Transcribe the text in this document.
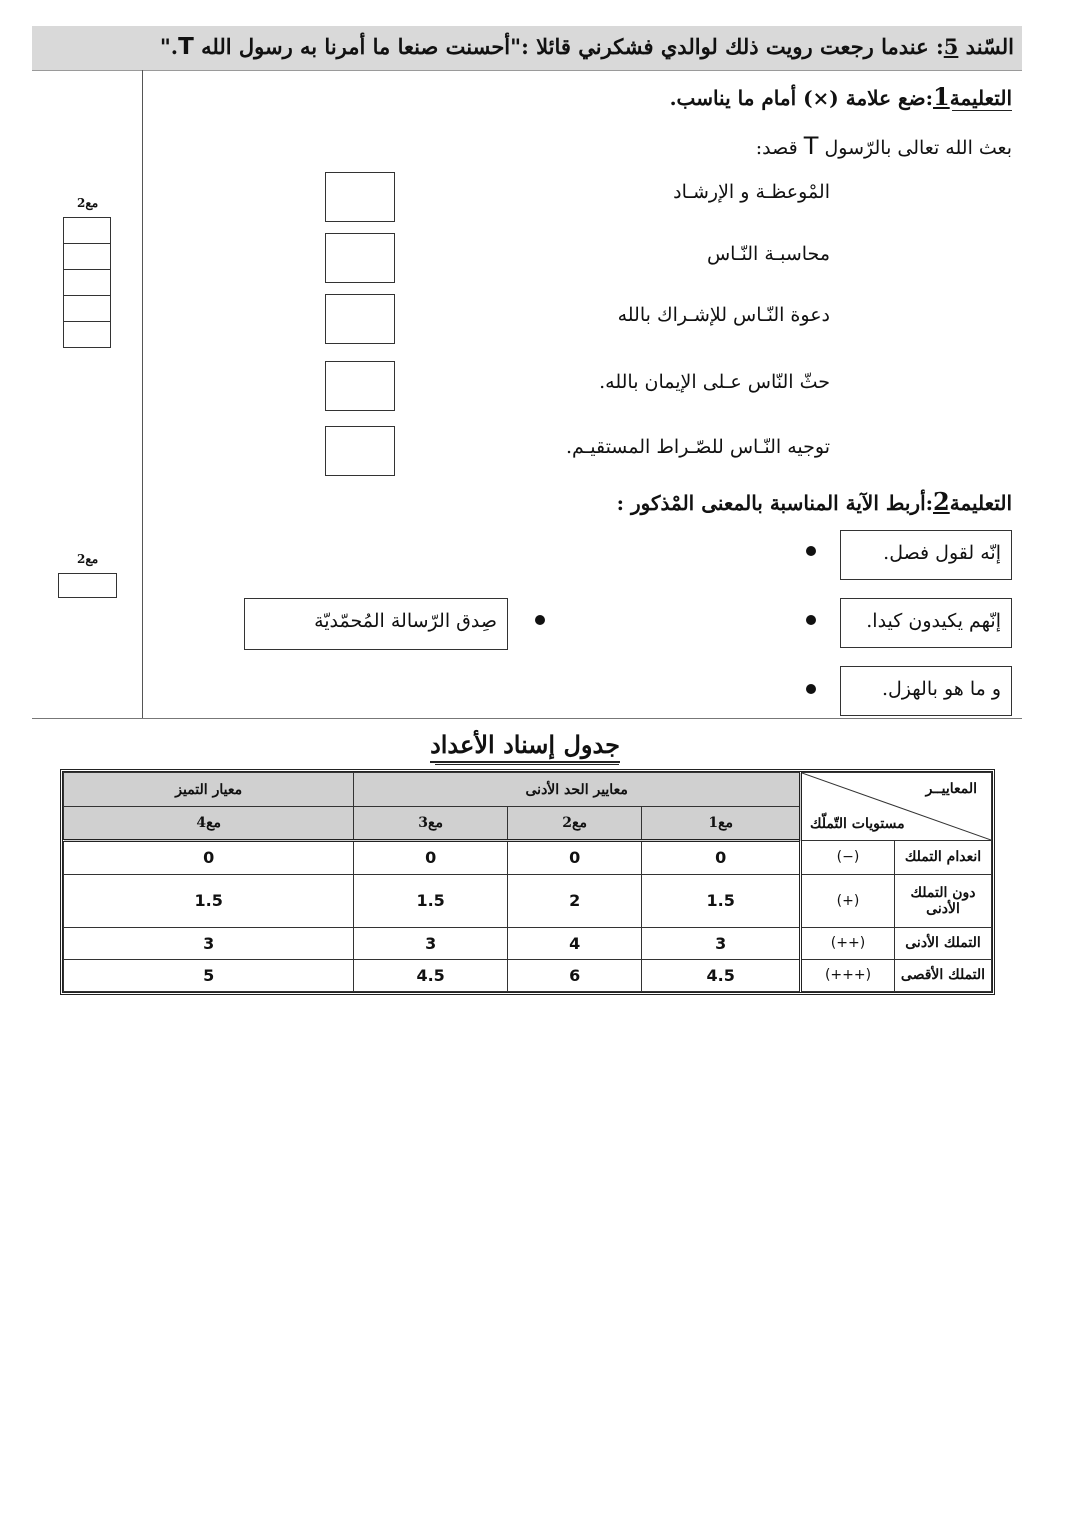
السّند 5: عندما رجعت رويت ذلك لوالدي فشكرني قائلا :"أحسنت صنعا ما أمرنا به رسول الله T."
التعليمة1:ضع علامة (×) أمام ما يناسب.
بعث الله تعالى بالرّسول T قصد:
المْوعظـة و الإرشـاد
محاسبـة النّـاس
دعوة النّـاس للإشـراك بالله
حثّ النّاس عـلى الإيمان بالله.
توجيه النّـاس للصّـراط المستقيـم.
مع2
التعليمة2:أربط الآية المناسبة بالمعنى المْذكور :
مع2	إنّه لقول فصل.
إنّهم يكيدون كيدا.
و ما هو بالهزل.
صِدق الرّسالة المُحمّديّة
جدول إسناد الأعداد
المعاييــر
مستويات التّملّك		معايير الحد الأدنى			معيار التميز
		مع1	مع2	مع3	مع4
انعدام التملك	(−)	0	0	0	0
دون التملك الأدنى	(+)	1.5	2	1.5	1.5
التملك الأدنى	(++)	3	4	3	3
التملك الأقصى	(+++)	4.5	6	4.5	5
